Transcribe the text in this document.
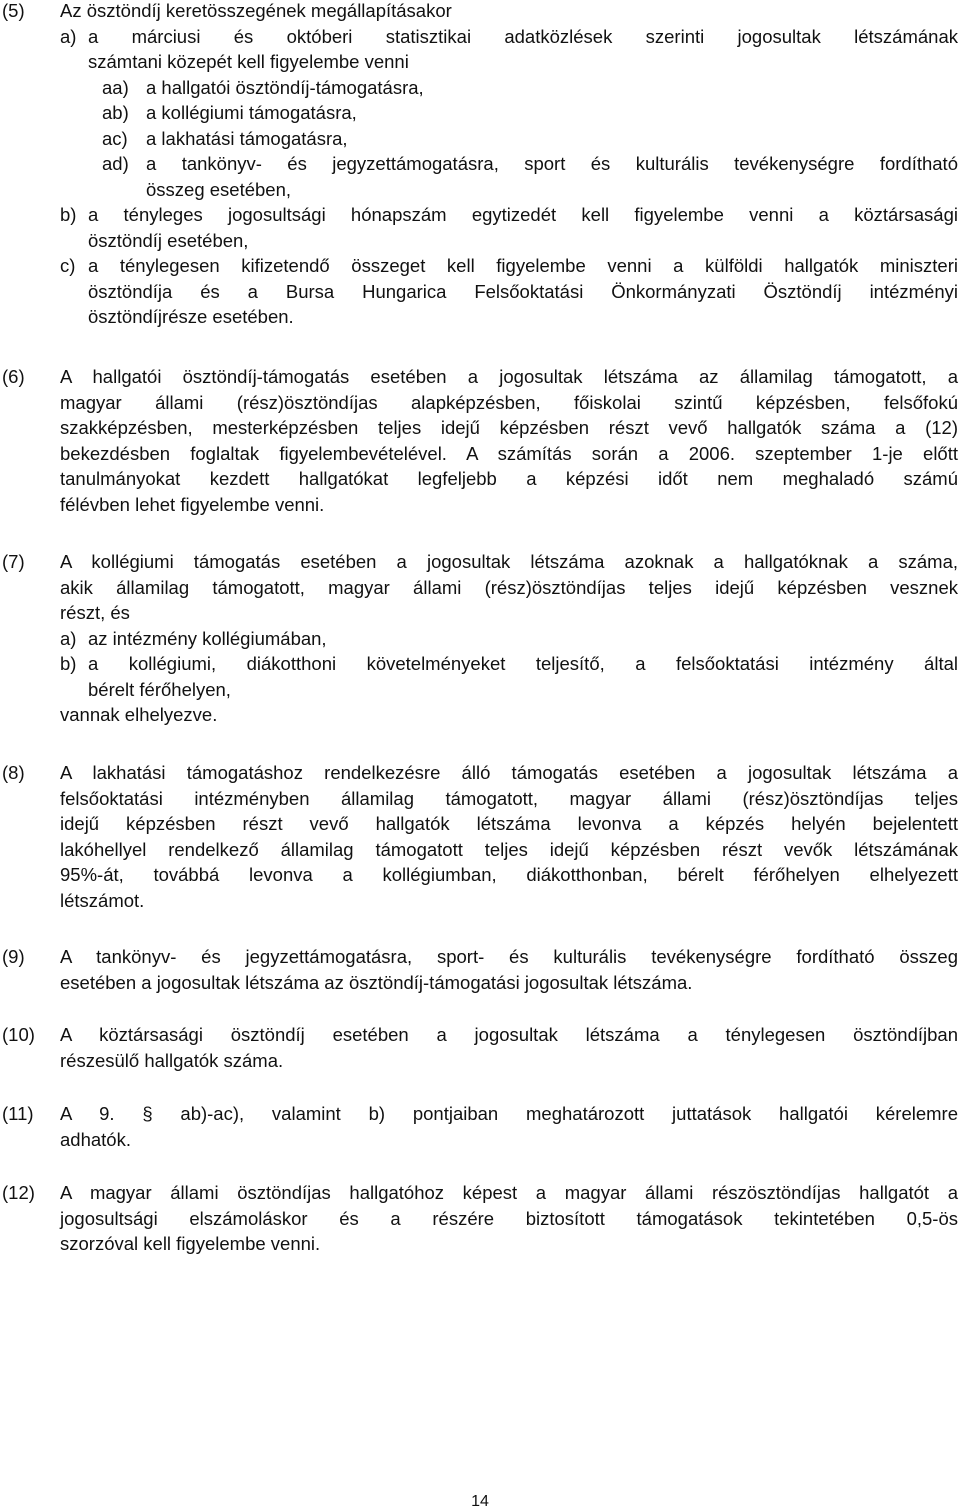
(5) Az ösztöndíj keretösszegének megállapításakor
a) a márciusi és októberi statisztikai adatközlések szerinti jogosultak létszámának
számtani közepét kell figyelembe venni
aa) a hallgatói ösztöndíj-támogatásra,
ab) a kollégiumi támogatásra,
ac) a lakhatási támogatásra,
ad) a tankönyv- és jegyzettámogatásra, sport és kulturális tevékenységre fordítható
összeg esetében,
b) a tényleges jogosultsági hónapszám egytizedét kell figyelembe venni a köztársasági
ösztöndíj esetében,
c) a ténylegesen kifizetendő összeget kell figyelembe venni a külföldi hallgatók miniszteri
ösztöndíja és a Bursa Hungarica Felsőoktatási Önkormányzati Ösztöndíj intézményi
ösztöndíjrésze esetében.
(6) A hallgatói ösztöndíj-támogatás esetében a jogosultak létszáma az államilag támogatott, a
magyar állami (rész)ösztöndíjas alapképzésben, főiskolai szintű képzésben, felsőfokú
szakképzésben, mesterképzésben teljes idejű képzésben részt vevő hallgatók száma a (12)
bekezdésben foglaltak figyelembevételével. A számítás során a 2006. szeptember 1-je előtt
tanulmányokat kezdett hallgatókat legfeljebb a képzési időt nem meghaladó számú
félévben lehet figyelembe venni.
(7) A kollégiumi támogatás esetében a jogosultak létszáma azoknak a hallgatóknak a száma,
akik államilag támogatott, magyar állami (rész)ösztöndíjas teljes idejű képzésben vesznek
részt, és
a) az intézmény kollégiumában,
b) a kollégiumi, diákotthoni követelményeket teljesítő, a felsőoktatási intézmény által
bérelt férőhelyen,
vannak elhelyezve.
(8) A lakhatási támogatáshoz rendelkezésre álló támogatás esetében a jogosultak létszáma a
felsőoktatási intézményben államilag támogatott, magyar állami (rész)ösztöndíjas teljes
idejű képzésben részt vevő hallgatók létszáma levonva a képzés helyén bejelentett
lakóhellyel rendelkező államilag támogatott teljes idejű képzésben részt vevők létszámának
95%-át, továbbá levonva a kollégiumban, diákotthonban, bérelt férőhelyen elhelyezett
létszámot.
(9) A tankönyv- és jegyzettámogatásra, sport- és kulturális tevékenységre fordítható összeg
esetében a jogosultak létszáma az ösztöndíj-támogatási jogosultak létszáma.
(10) A köztársasági ösztöndíj esetében a jogosultak létszáma a ténylegesen ösztöndíjban
részesülő hallgatók száma.
(11) A 9. § ab)-ac), valamint b) pontjaiban meghatározott juttatások hallgatói kérelemre
adhatók.
(12) A magyar állami ösztöndíjas hallgatóhoz képest a magyar állami részösztöndíjas hallgatót a
jogosultsági elszámoláskor és a részére biztosított támogatások tekintetében 0,5-ös
szorzóval kell figyelembe venni.
14
